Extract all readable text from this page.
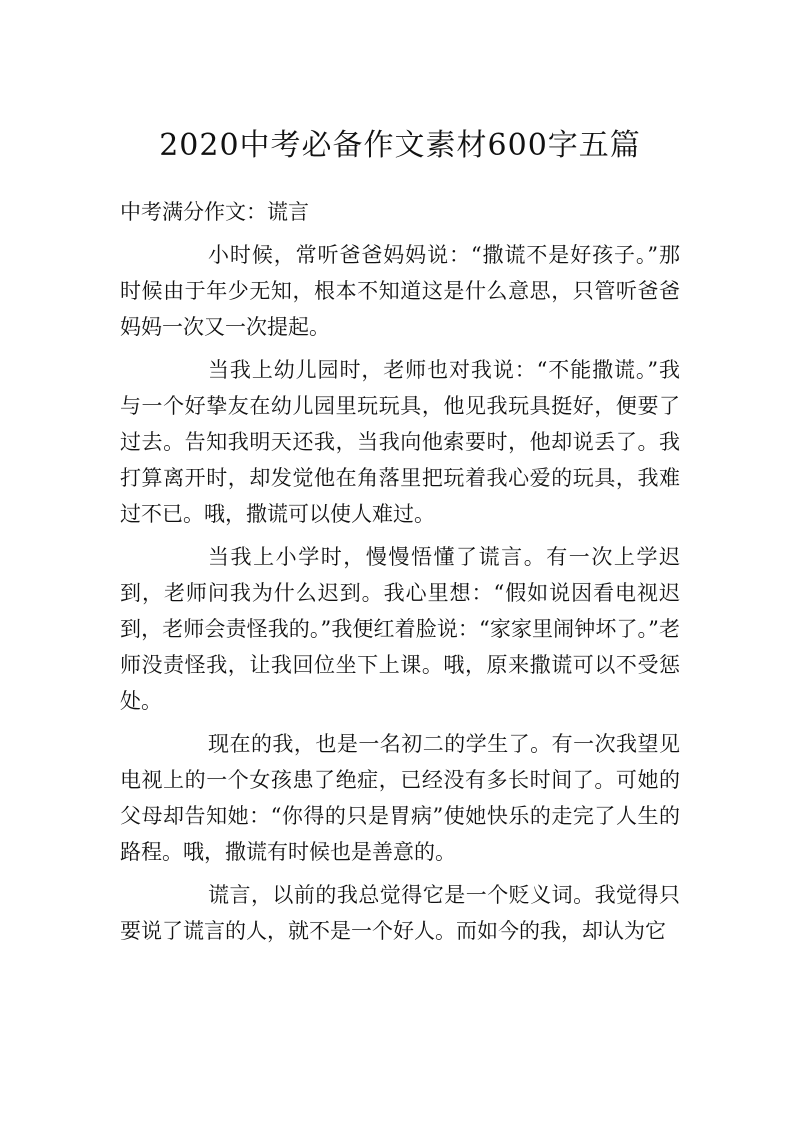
2020中考必备作文素材600字五篇
中考满分作文：谎言

小时候，常听爸爸妈妈说：“撒谎不是好孩子。”那时候由于年少无知，根本不知道这是什么意思，只管听爸爸妈妈一次又一次提起。

当我上幼儿园时，老师也对我说：“不能撒谎。”我与一个好挚友在幼儿园里玩玩具，他见我玩具挺好，便要了过去。告知我明天还我，当我向他索要时，他却说丢了。我打算离开时，却发觉他在角落里把玩着我心爱的玩具，我难过不已。哦，撒谎可以使人难过。

当我上小学时，慢慢悟懂了谎言。有一次上学迟到，老师问我为什么迟到。我心里想：“假如说因看电视迟到，老师会责怪我的。”我便红着脸说：“家家里闹钟坏了。”老师没责怪我，让我回位坐下上课。哦，原来撒谎可以不受惩处。

现在的我，也是一名初二的学生了。有一次我望见电视上的一个女孩患了绝症，已经没有多长时间了。可她的父母却告知她：“你得的只是胃病”使她快乐的走完了人生的路程。哦，撒谎有时候也是善意的。

谎言，以前的我总觉得它是一个贬义词。我觉得只要说了谎言的人，就不是一个好人。而如今的我，却认为它
